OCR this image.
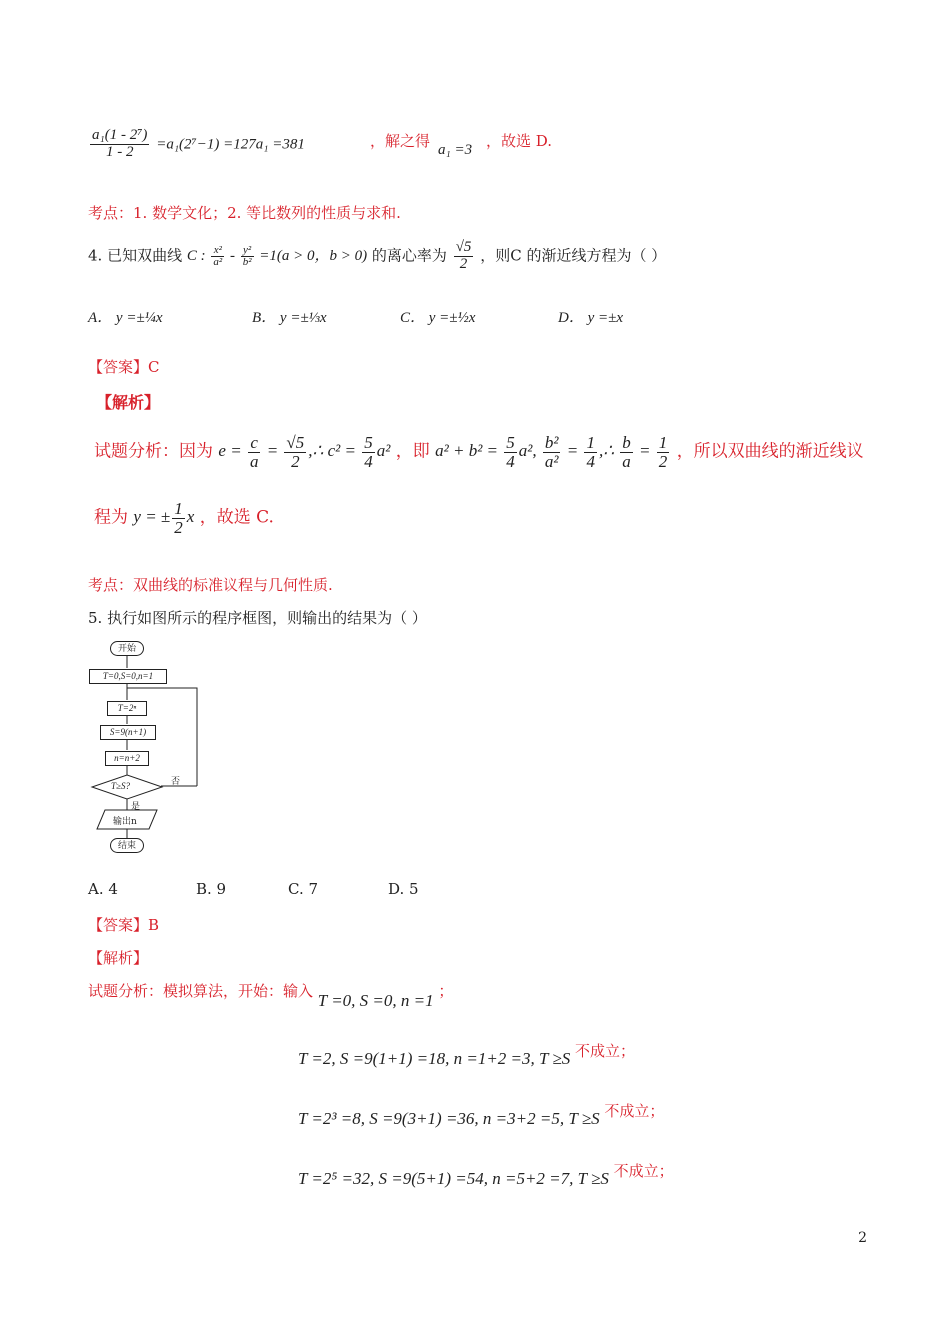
$\frac{\text{a₁(1 - 2⁷)}}{1 - 2} =a_1(2^7-1) =127a_1 =381$	，解之得 a₁ =3 ，故选 D.
考点：1. 数学文化；2. 等比数列的性质与求和.
4. 已知双曲线 C : $\frac{\text{x²}}{\text{a²}} - \frac{\text{y²}}{\text{b²}} =1(a > 0$，b > 0) 的离心率为 $\frac{√5}{2}$ ，则C 的渐近线方程为（ ）
A． y =±¼x	B． y =±⅓x	C． y =±½x	D． y =±x
【答案】C
【解析】
试题分析：因为 $e = \frac{c}{a} = \frac{√5}{2}$ ,∴ $c^2 = \frac{5}{4} a^2$ ，即 $a^2 + b^2 = \frac{5}{4} a^2$, $\frac{\text{b²}}{\text{a²}} = \frac{1}{4}$ ,∴ $\frac{b}{a} = \frac{1}{2}$ ，所以双曲线的渐近线议
程为 y = ± $\frac{1}{2}$ x ，故选 C.
考点：双曲线的标准议程与几何性质.
5. 执行如图所示的程序框图，则输出的结果为（ ）
开始
T=0,S=0,n=1
T=2ⁿ
S=9(n+1)
n=n+2
T≥S?	否
是
输出n
结束
A. 4	B. 9	C. 7	D. 5
【答案】B
【解析】
试题分析：模拟算法，开始：输入 T =0, S =0, n =1 ；
T =2, S =9(1+1) =18, n =1+2 =3, T ≥S 不成立；
T =2³ =8, S =9(3+1) =36, n =3+2 =5, T ≥S 不成立；
T =2⁵ =32, S =9(5+1) =54, n =5+2 =7, T ≥S 不成立；
2
